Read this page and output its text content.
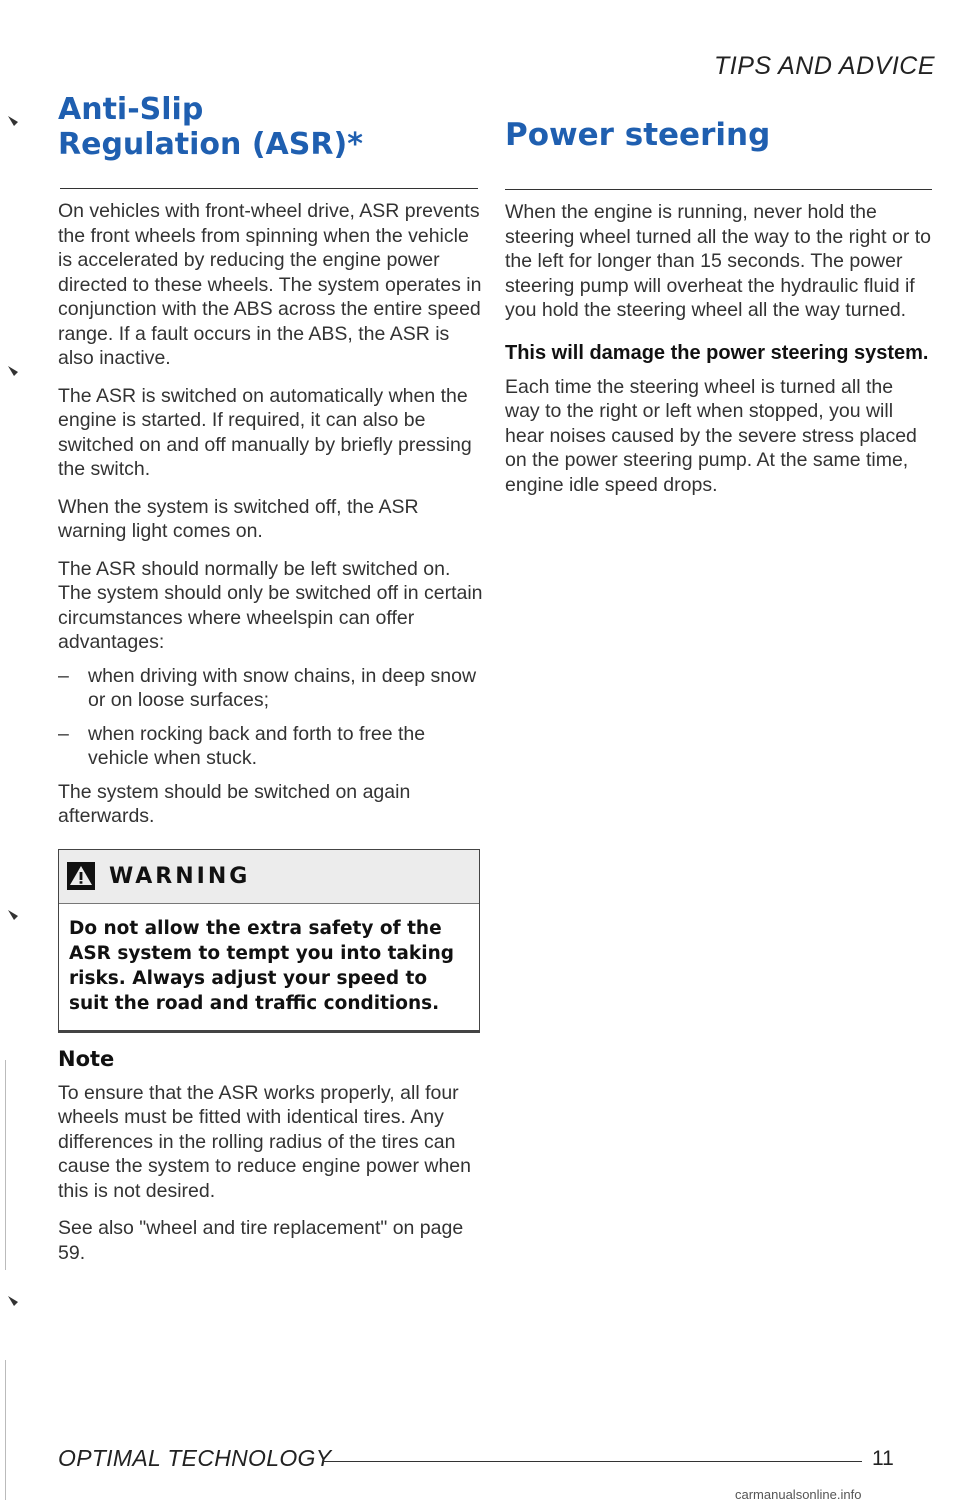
TIPS AND ADVICE
Anti-Slip
Regulation (ASR)*

On vehicles with front-wheel drive, ASR prevents the front wheels from spinning when the vehicle is accelerated by reducing the engine power directed to these wheels. The system operates in conjunction with the ABS across the entire speed range. If a fault occurs in the ABS, the ASR is also inactive.

The ASR is switched on automatically when the engine is started. If required, it can also be switched on and off manually by briefly pressing the switch.

When the system is switched off, the ASR warning light comes on.

The ASR should normally be left switched on. The system should only be switched off in certain circumstances where wheelspin can offer advantages:

– when driving with snow chains, in deep snow or on loose surfaces;
– when rocking back and forth to free the vehicle when stuck.

The system should be switched on again afterwards.

WARNING
Do not allow the extra safety of the ASR system to tempt you into taking risks. Always adjust your speed to suit the road and traffic conditions.
Note

To ensure that the ASR works properly, all four wheels must be fitted with identical tires. Any differences in the rolling radius of the tires can cause the system to reduce engine power when this is not desired.

See also "wheel and tire replacement" on page 59.

Power steering

When the engine is running, never hold the steering wheel turned all the way to the right or to the left for longer than 15 seconds. The power steering pump will overheat the hydraulic fluid if you hold the steering wheel all the way turned.

This will damage the power steering system.

Each time the steering wheel is turned all the way to the right or left when stopped, you will hear noises caused by the severe stress placed on the power steering pump. At the same time, engine idle speed drops.

OPTIMAL TECHNOLOGY	11
carmanualsonline.info
